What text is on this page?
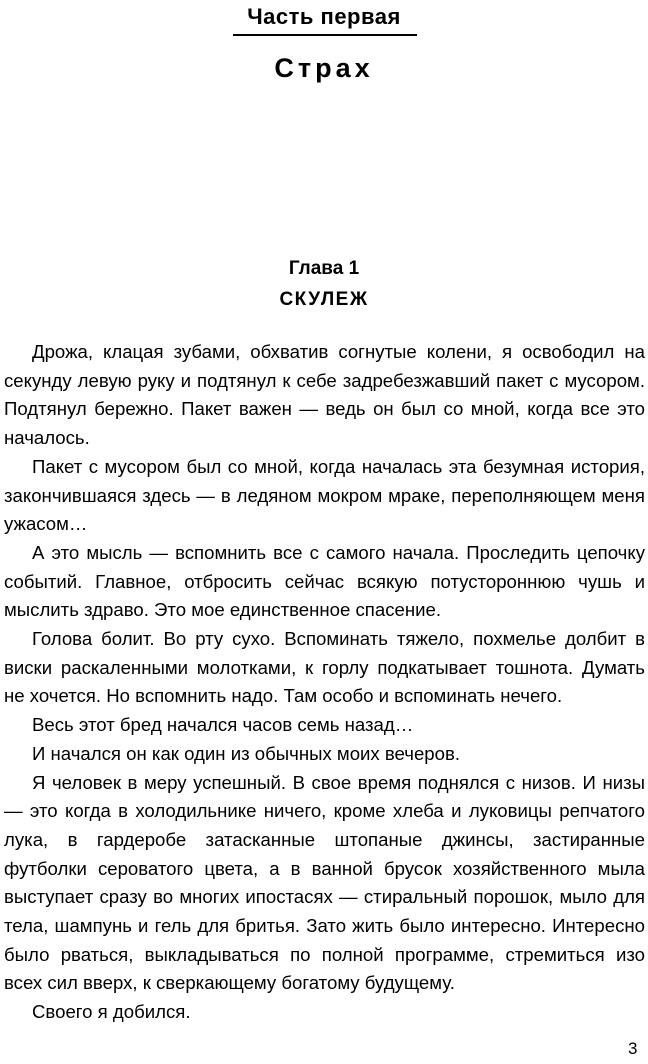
Часть первая
Страх
Глава 1
СКУЛЕЖ

Дрожа, клацая зубами, обхватив согнутые колени, я освободил на секунду левую руку и подтянул к себе задребезжавший пакет с мусором. Подтянул бережно. Пакет важен — ведь он был со мной, когда все это началось.

Пакет с мусором был со мной, когда началась эта безумная история, закончившаяся здесь — в ледяном мокром мраке, переполняющем меня ужасом…

А это мысль — вспомнить все с самого начала. Проследить цепочку событий. Главное, отбросить сейчас всякую потустороннюю чушь и мыслить здраво. Это мое единственное спасение.

Голова болит. Во рту сухо. Вспоминать тяжело, похмелье долбит в виски раскаленными молотками, к горлу подкатывает тошнота. Думать не хочется. Но вспомнить надо. Там особо и вспоминать нечего.

Весь этот бред начался часов семь назад…

И начался он как один из обычных моих вечеров.

Я человек в меру успешный. В свое время поднялся с низов. И низы — это когда в холодильнике ничего, кроме хлеба и луковицы репчатого лука, в гардеробе затасканные штопаные джинсы, застиранные футболки сероватого цвета, а в ванной брусок хозяйственного мыла выступает сразу во многих ипостасях — стиральный порошок, мыло для тела, шампунь и гель для бритья. Зато жить было интересно. Интересно было рваться, выкладываться по полной программе, стремиться изо всех сил вверх, к сверкающему богатому будущему.

Своего я добился.

3
